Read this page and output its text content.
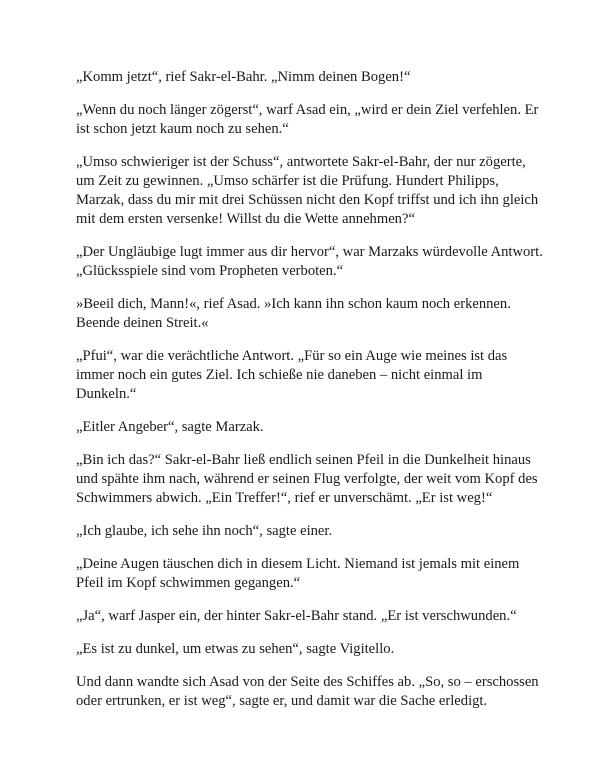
„Komm jetzt“, rief Sakr-el-Bahr. „Nimm deinen Bogen!“

„Wenn du noch länger zögerst“, warf Asad ein, „wird er dein Ziel verfehlen. Er ist schon jetzt kaum noch zu sehen.“

„Umso schwieriger ist der Schuss“, antwortete Sakr-el-Bahr, der nur zögerte, um Zeit zu gewinnen. „Umso schärfer ist die Prüfung. Hundert Philipps, Marzak, dass du mir mit drei Schüssen nicht den Kopf triffst und ich ihn gleich mit dem ersten versenke! Willst du die Wette annehmen?“

„Der Ungläubige lugt immer aus dir hervor“, war Marzaks würdevolle Antwort. „Glücksspiele sind vom Propheten verboten.“

»Beeil dich, Mann!«, rief Asad. »Ich kann ihn schon kaum noch erkennen. Beende deinen Streit.«

„Pfui“, war die verächtliche Antwort. „Für so ein Auge wie meines ist das immer noch ein gutes Ziel. Ich schieße nie daneben – nicht einmal im Dunkeln.“

„Eitler Angeber“, sagte Marzak.

„Bin ich das?“ Sakr-el-Bahr ließ endlich seinen Pfeil in die Dunkelheit hinaus und spähte ihm nach, während er seinen Flug verfolgte, der weit vom Kopf des Schwimmers abwich. „Ein Treffer!“, rief er unverschämt. „Er ist weg!“

„Ich glaube, ich sehe ihn noch“, sagte einer.

„Deine Augen täuschen dich in diesem Licht. Niemand ist jemals mit einem Pfeil im Kopf schwimmen gegangen.“

„Ja“, warf Jasper ein, der hinter Sakr-el-Bahr stand. „Er ist verschwunden.“

„Es ist zu dunkel, um etwas zu sehen“, sagte Vigitello.

Und dann wandte sich Asad von der Seite des Schiffes ab. „So, so – erschossen oder ertrunken, er ist weg“, sagte er, und damit war die Sache erledigt.
